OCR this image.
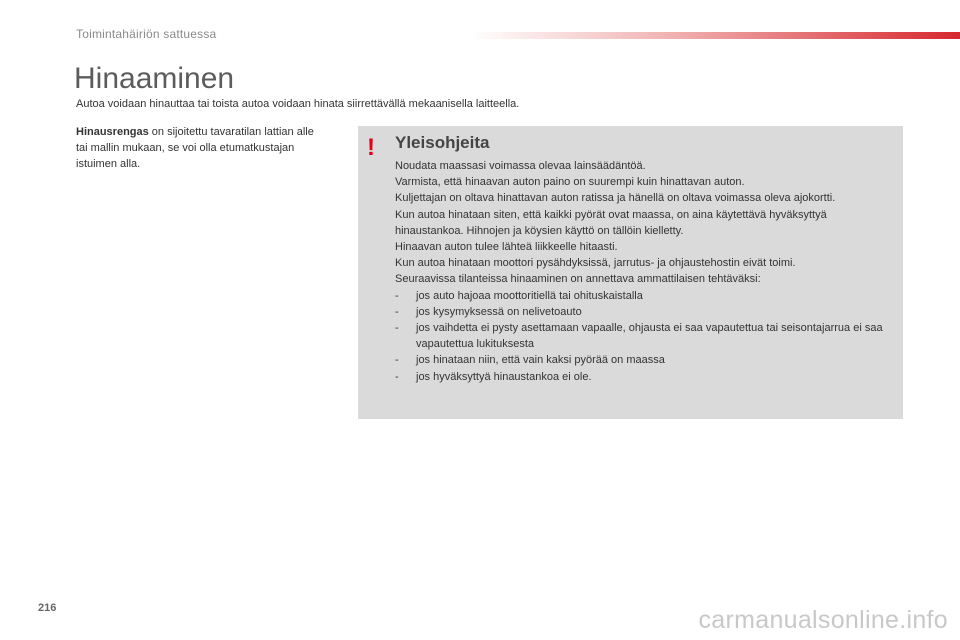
Toimintahäiriön sattuessa
Hinaaminen
Autoa voidaan hinauttaa tai toista autoa voidaan hinata siirrettävällä mekaanisella laitteella.
Hinausrengas on sijoitettu tavaratilan lattian alle tai mallin mukaan, se voi olla etumatkustajan istuimen alla.
! Yleisohjeita

Noudata maassasi voimassa olevaa lainsäädäntöä.

Varmista, että hinaavan auton paino on suurempi kuin hinattavan auton.

Kuljettajan on oltava hinattavan auton ratissa ja hänellä on oltava voimassa oleva ajokortti.

Kun autoa hinataan siten, että kaikki pyörät ovat maassa, on aina käytettävä hyväksyttyä hinaustankoa. Hihnojen ja köysien käyttö on tällöin kielletty.

Hinaavan auton tulee lähteä liikkeelle hitaasti.

Kun autoa hinataan moottori pysähdyksissä, jarrutus- ja ohjaustehostin eivät toimi.

Seuraavissa tilanteissa hinaaminen on annettava ammattilaisen tehtäväksi:

- jos auto hajoaa moottoritiellä tai ohituskaistalla
- jos kysymyksessä on nelivetoauto
- jos vaihdetta ei pysty asettamaan vapaalle, ohjausta ei saa vapautettua tai seisontajarrua ei saa vapautettua lukituksesta
- jos hinataan niin, että vain kaksi pyörää on maassa
- jos hyväksyttyä hinaustankoa ei ole.
216	carmanualsonline.info
